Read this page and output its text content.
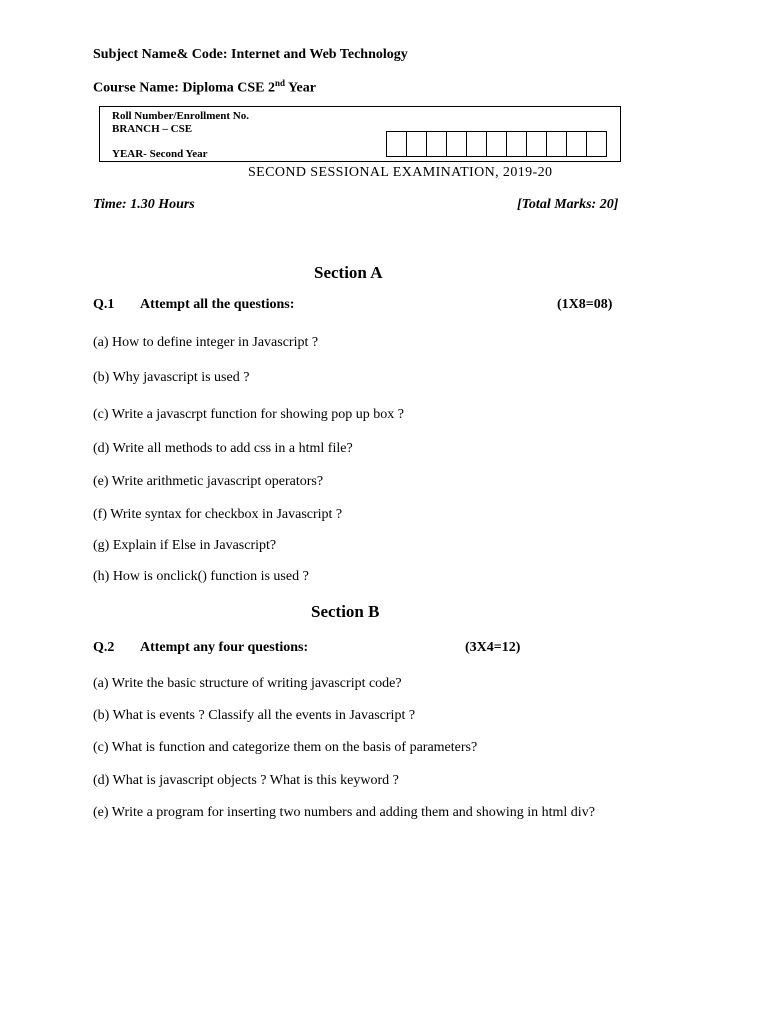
Subject Name& Code: Internet and Web Technology
Course Name: Diploma CSE 2nd Year
Roll Number/Enrollment No.
BRANCH – CSE
YEAR- Second Year
SECOND SESSIONAL EXAMINATION, 2019-20
Time: 1.30 Hours	[Total Marks: 20]
Section A
Q.1 Attempt all the questions:	(1X8=08)
(a) How to define integer in Javascript ?
(b) Why javascript is used ?
(c) Write a javascrpt function for showing pop up box ?
(d) Write all methods to add css in a html file?
(e) Write arithmetic javascript operators?
(f) Write syntax for checkbox in Javascript ?
(g) Explain if Else in Javascript?
(h) How is onclick() function is used ?
Section B
Q.2 Attempt any four questions:	(3X4=12)
(a) Write the basic structure of writing javascript code?
(b) What is events ? Classify all the events in Javascript ?
(c) What is function and categorize them on the basis of parameters?
(d) What is javascript objects ? What is this keyword ?
(e) Write a program for inserting two numbers and adding them and showing in html div?
